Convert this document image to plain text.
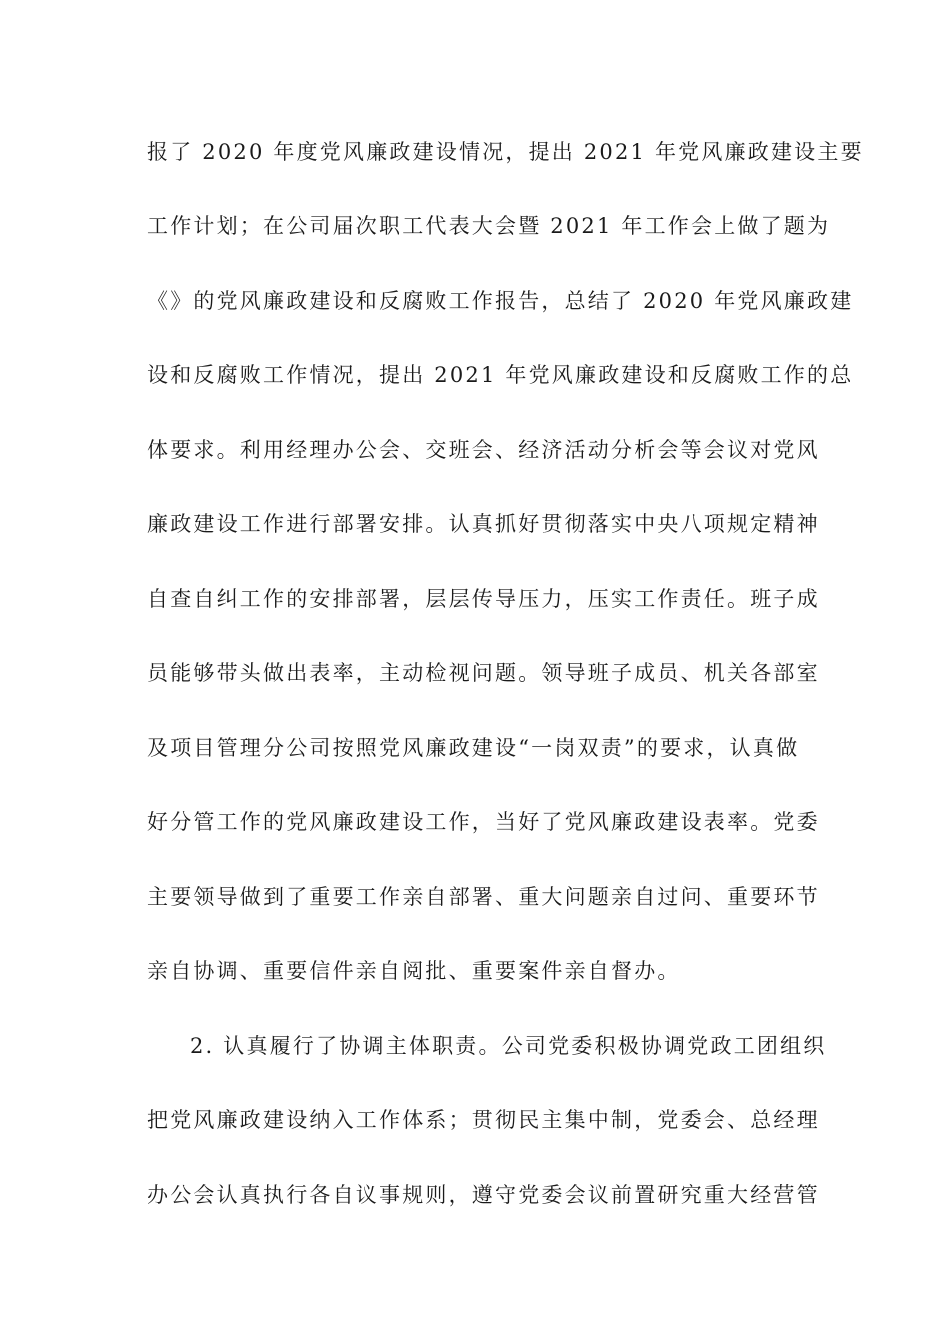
报了 2020 年度党风廉政建设情况，提出 2021 年党风廉政建设主要
工作计划；在公司届次职工代表大会暨 2021 年工作会上做了题为
《》的党风廉政建设和反腐败工作报告，总结了 2020 年党风廉政建
设和反腐败工作情况，提出 2021 年党风廉政建设和反腐败工作的总
体要求。利用经理办公会、交班会、经济活动分析会等会议对党风
廉政建设工作进行部署安排。认真抓好贯彻落实中央八项规定精神
自查自纠工作的安排部署，层层传导压力，压实工作责任。班子成
员能够带头做出表率，主动检视问题。领导班子成员、机关各部室
及项目管理分公司按照党风廉政建设“一岗双责”的要求，认真做
好分管工作的党风廉政建设工作，当好了党风廉政建设表率。党委
主要领导做到了重要工作亲自部署、重大问题亲自过问、重要环节
亲自协调、重要信件亲自阅批、重要案件亲自督办。
2. 认真履行了协调主体职责。公司党委积极协调党政工团组织
把党风廉政建设纳入工作体系；贯彻民主集中制，党委会、总经理
办公会认真执行各自议事规则，遵守党委会议前置研究重大经营管
